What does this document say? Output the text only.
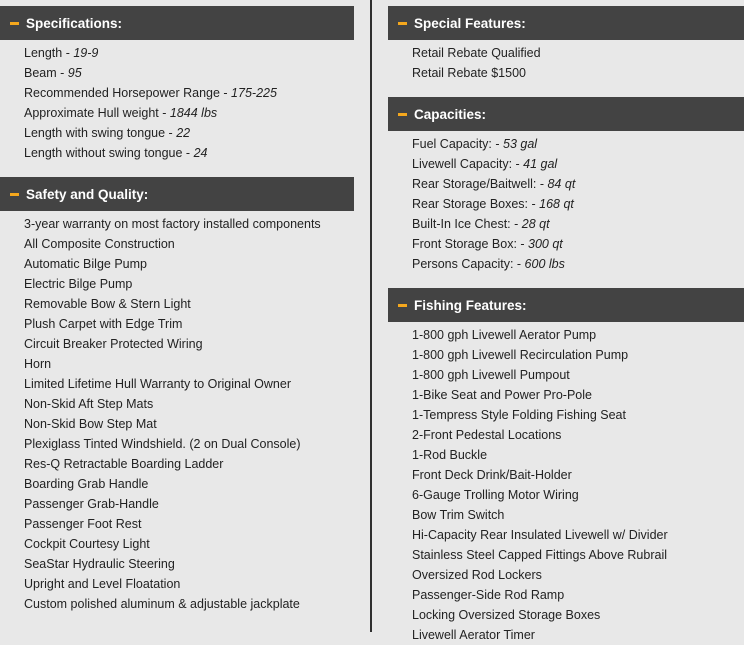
Specifications:
Length - 19-9
Beam - 95
Recommended Horsepower Range - 175-225
Approximate Hull weight - 1844 lbs
Length with swing tongue - 22
Length without swing tongue - 24
Safety and Quality:
3-year warranty on most factory installed components
All Composite Construction
Automatic Bilge Pump
Electric Bilge Pump
Removable Bow & Stern Light
Plush Carpet with Edge Trim
Circuit Breaker Protected Wiring
Horn
Limited Lifetime Hull Warranty to Original Owner
Non-Skid Aft Step Mats
Non-Skid Bow Step Mat
Plexiglass Tinted Windshield. (2 on Dual Console)
Res-Q Retractable Boarding Ladder
Boarding Grab Handle
Passenger Grab-Handle
Passenger Foot Rest
Cockpit Courtesy Light
SeaStar Hydraulic Steering
Upright and Level Floatation
Custom polished aluminum & adjustable jackplate
Special Features:
Retail Rebate Qualified
Retail Rebate $1500
Capacities:
Fuel Capacity: - 53 gal
Livewell Capacity: - 41 gal
Rear Storage/Baitwell: - 84 qt
Rear Storage Boxes: - 168 qt
Built-In Ice Chest: - 28 qt
Front Storage Box: - 300 qt
Persons Capacity: - 600 lbs
Fishing Features:
1-800 gph Livewell Aerator Pump
1-800 gph Livewell Recirculation Pump
1-800 gph Livewell Pumpout
1-Bike Seat and Power Pro-Pole
1-Tempress Style Folding Fishing Seat
2-Front Pedestal Locations
1-Rod Buckle
Front Deck Drink/Bait-Holder
6-Gauge Trolling Motor Wiring
Bow Trim Switch
Hi-Capacity Rear Insulated Livewell w/ Divider
Stainless Steel Capped Fittings Above Rubrail
Oversized Rod Lockers
Passenger-Side Rod Ramp
Locking Oversized Storage Boxes
Livewell Aerator Timer
